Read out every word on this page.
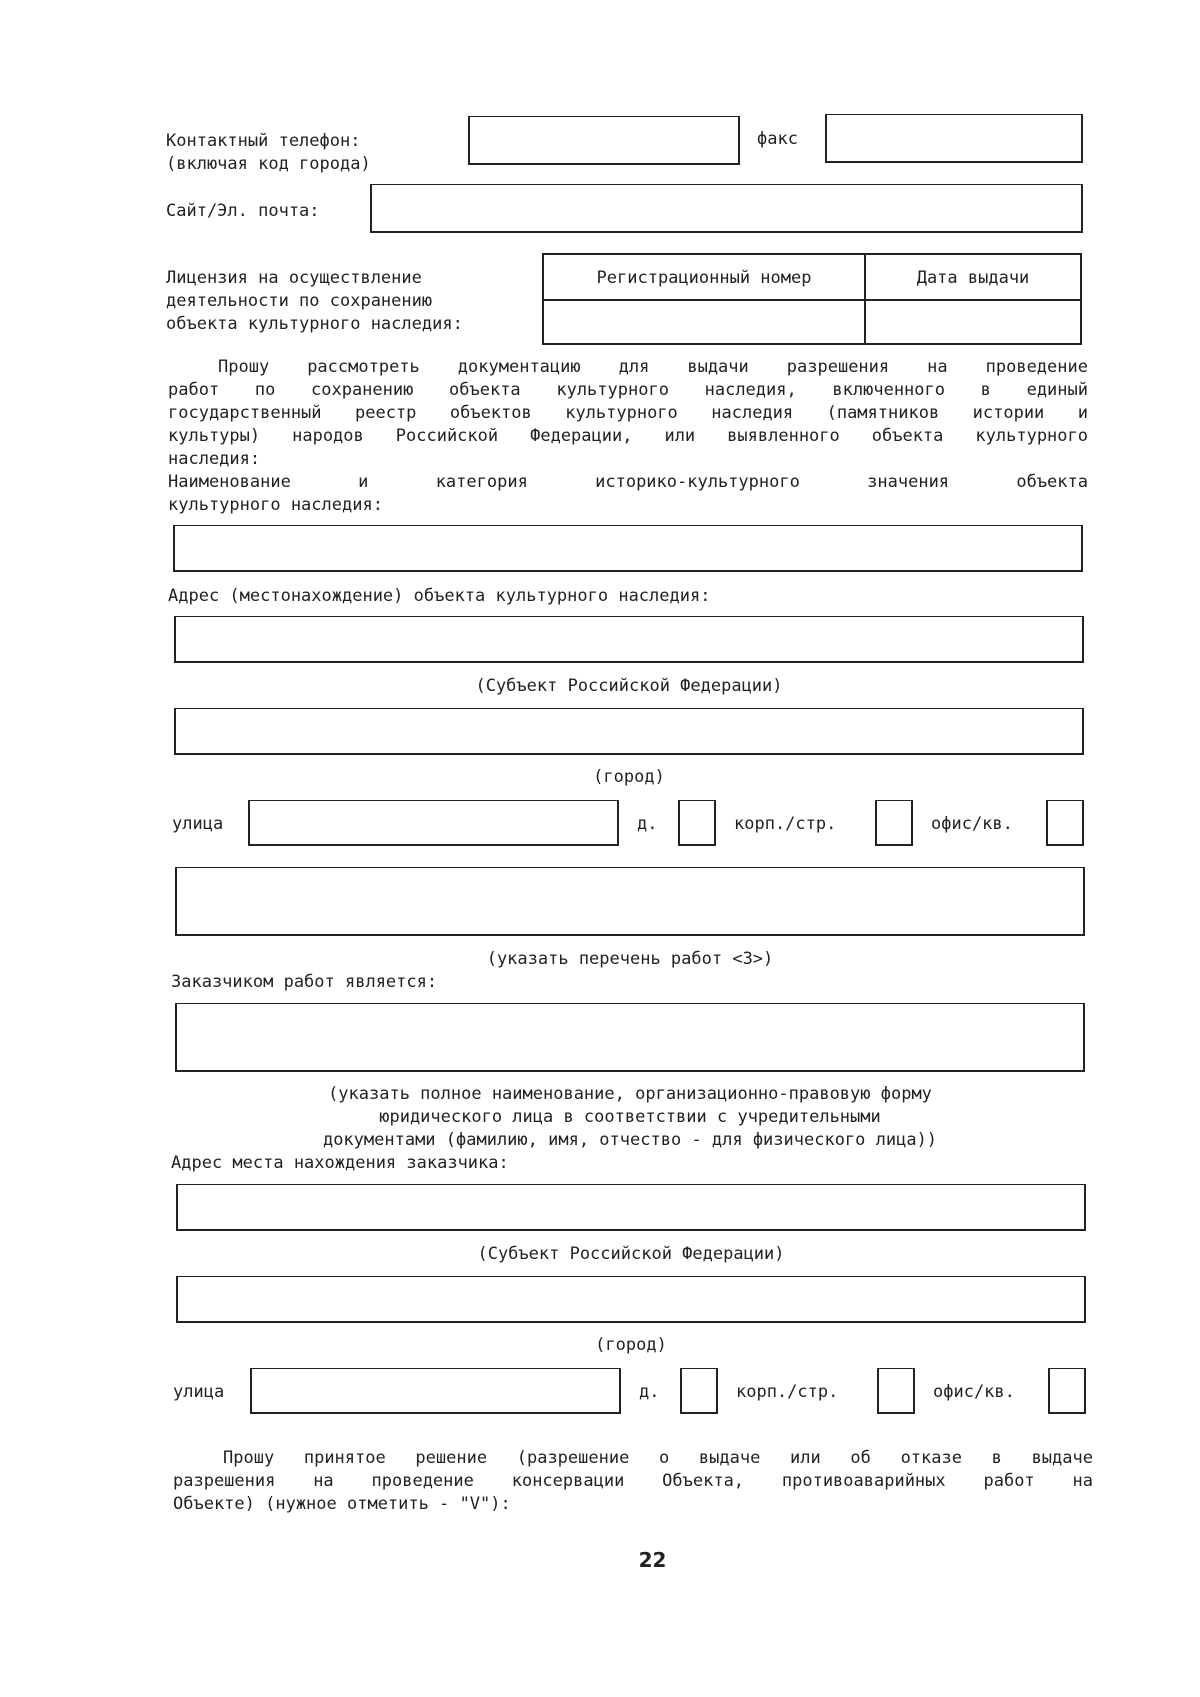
Контактный телефон:
(включая код города)
факс
Сайт/Эл. почта:
Лицензия на осуществление
деятельности по сохранению
объекта культурного наследия:
Регистрационный номер	Дата выдачи
Прошу рассмотреть документацию для выдачи разрешения на проведение
работ по сохранению объекта культурного наследия, включенного в единый
государственный реестр объектов культурного наследия (памятников истории и
культуры) народов Российской Федерации, или выявленного объекта культурного
наследия:
Наименование и категория историко-культурного значения объекта
культурного наследия:
Адрес (местонахождение) объекта культурного наследия:
(Субъект Российской Федерации)
(город)
улица	д.	корп./стр.	офис/кв.
(указать перечень работ <3>)
Заказчиком работ является:
(указать полное наименование, организационно-правовую форму
юридического лица в соответствии с учредительными
документами (фамилию, имя, отчество - для физического лица))
Адрес места нахождения заказчика:
(Субъект Российской Федерации)
(город)
улица	д.	корп./стр.	офис/кв.
Прошу принятое решение (разрешение о выдаче или об отказе в выдаче
разрешения на проведение консервации Объекта, противоаварийных работ на
Объекте) (нужное отметить - "V"):
22
